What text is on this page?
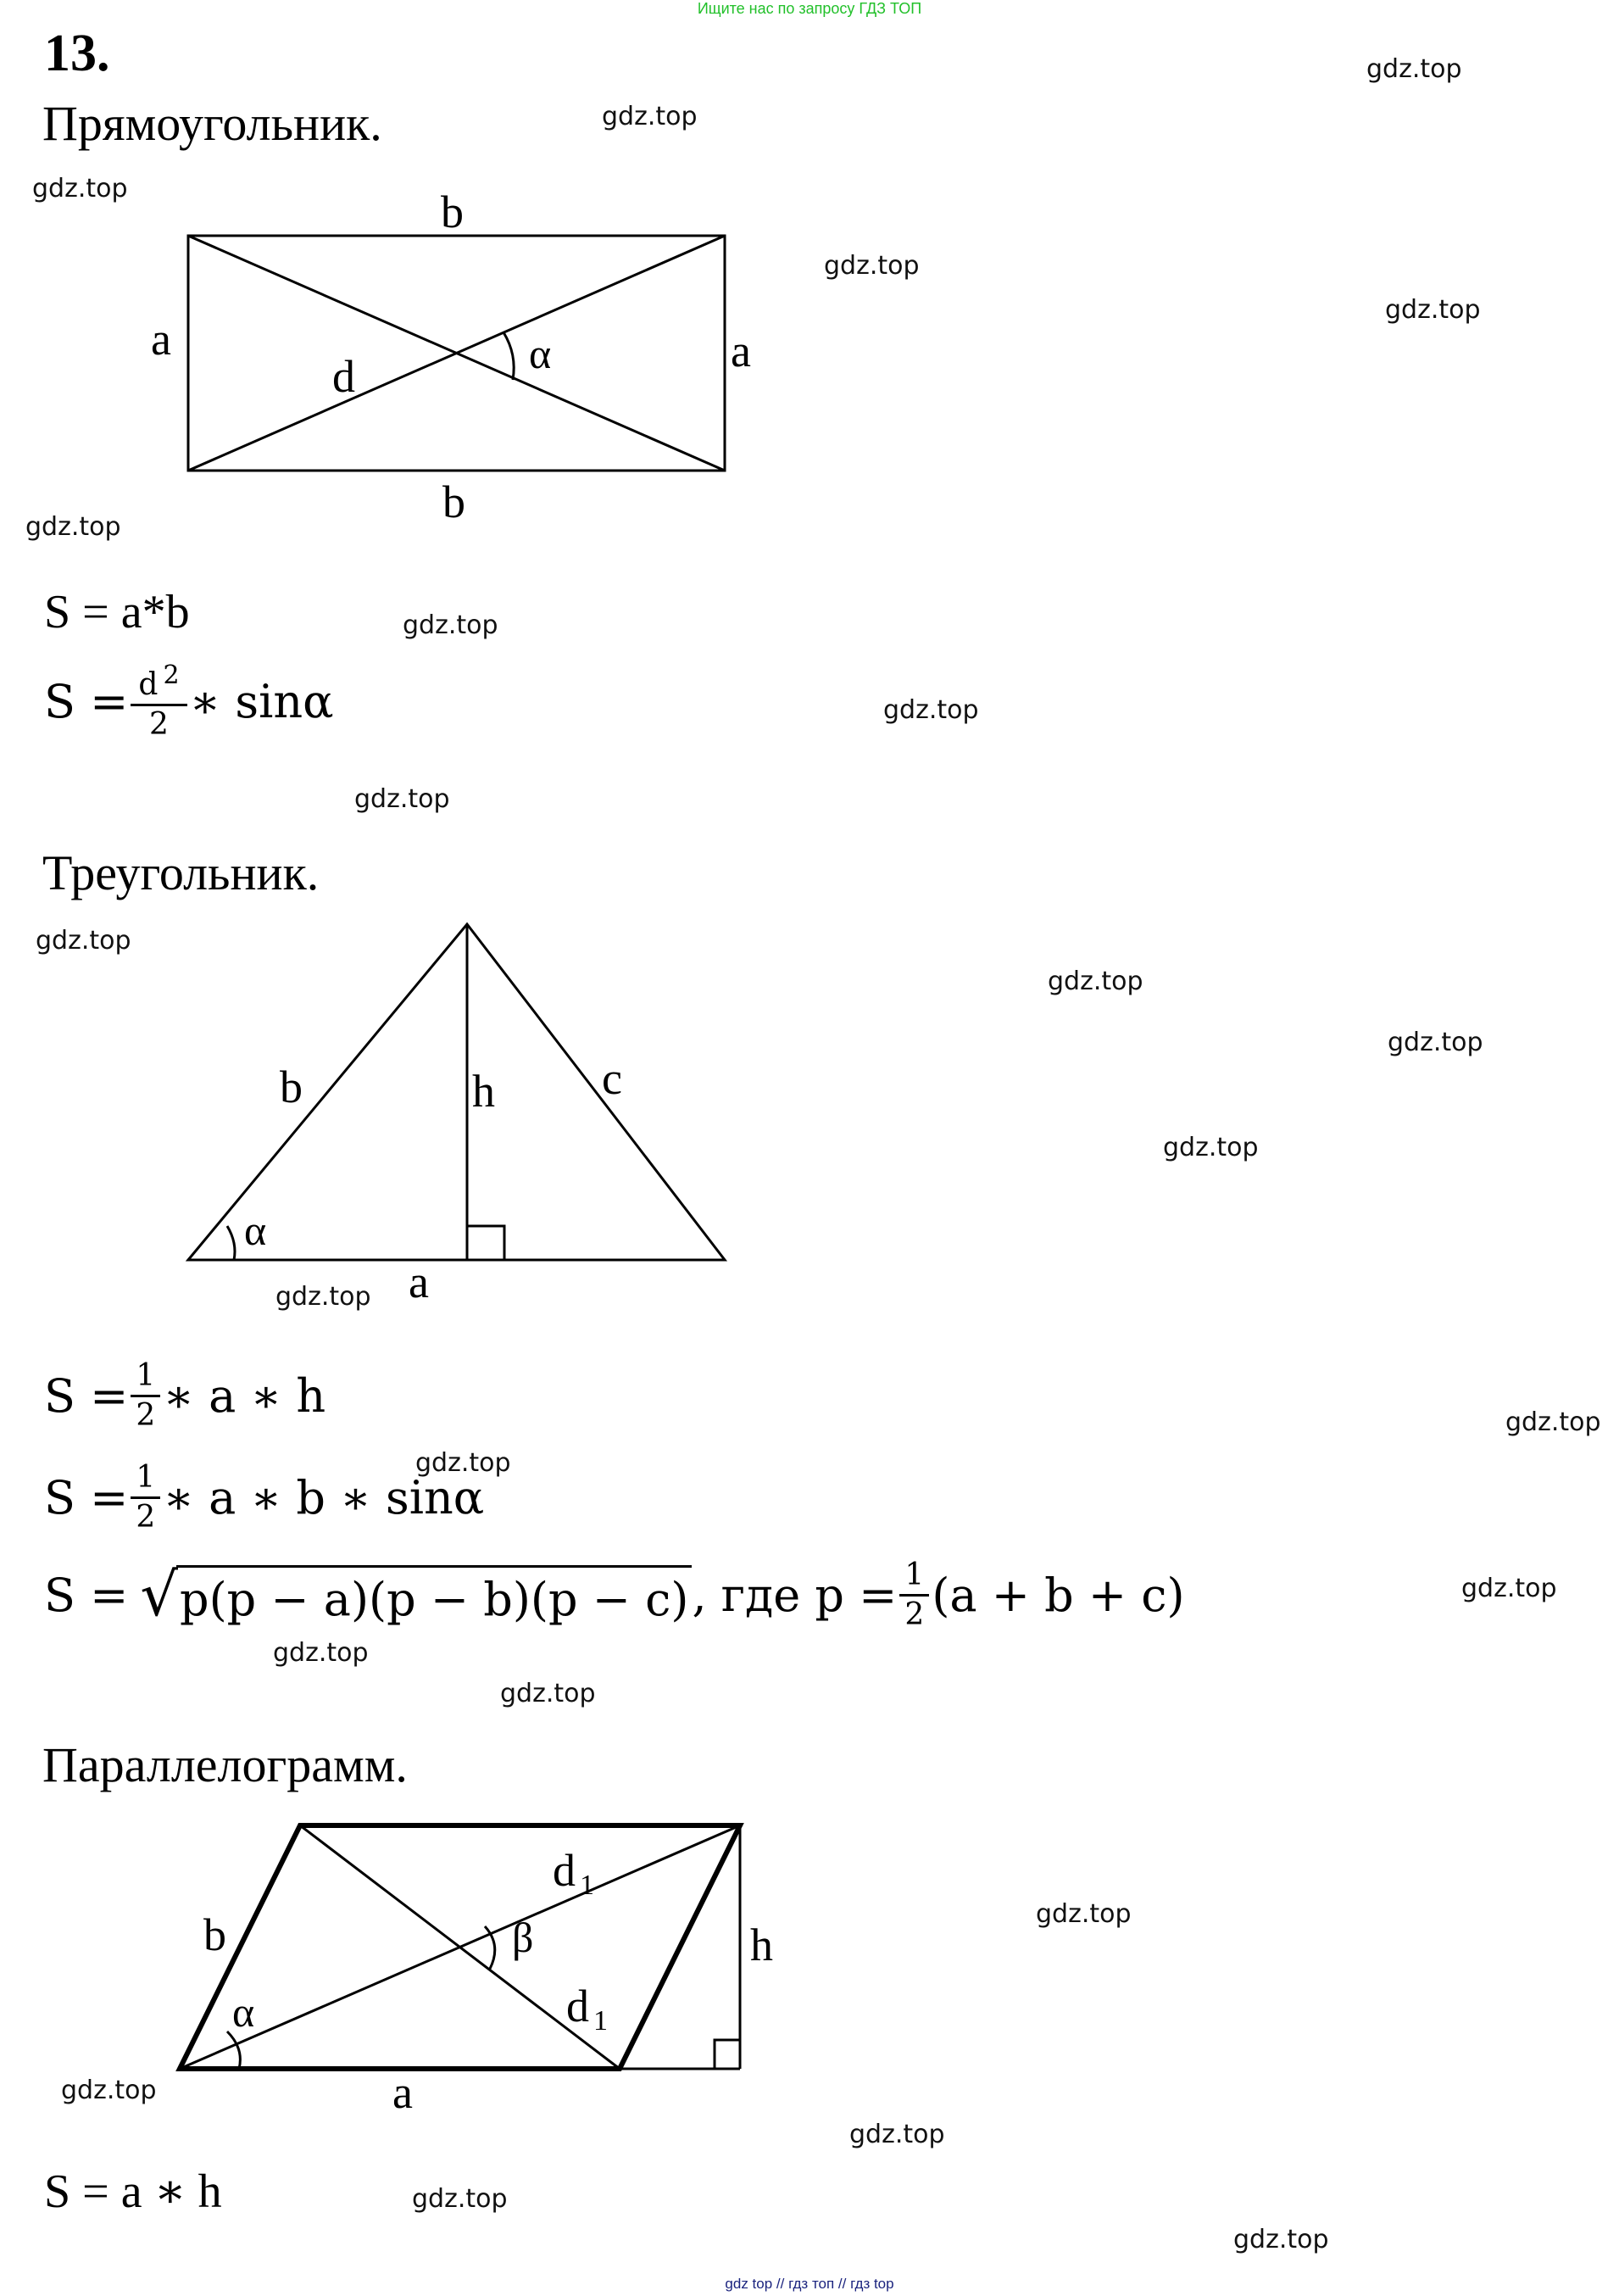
Ищите нас по запросу ГДЗ ТОП
13.
Прямоугольник.
b
b
a	a
d	α
b	h c
a
α
b
a
h
d 1
d 1
α
β
S = a*b
$S = \frac{d ^2}{2}$ ∗ sinα
Треугольник.
$S = \frac{1}{2}$ ∗ a ∗ h
$S = \frac{1}{2}$ ∗ a ∗ b ∗ sinα
S = √ p(p − a)(p − b)(p − c) , где $p = \frac{1}{2} (a + b + c)$
Параллелограмм.
S = a ∗ h
gdz.top
gdz.top
gdz.top
gdz.top
gdz.top
gdz.top
gdz.top
gdz.top
gdz.top
gdz.top
gdz.top
gdz.top
gdz.top
gdz.top
gdz.top
gdz.top
gdz.top
gdz.top
gdz.top
gdz.top
gdz.top
gdz.top
gdz.top
gdz.top
gdz top // гдз топ // гдз top
